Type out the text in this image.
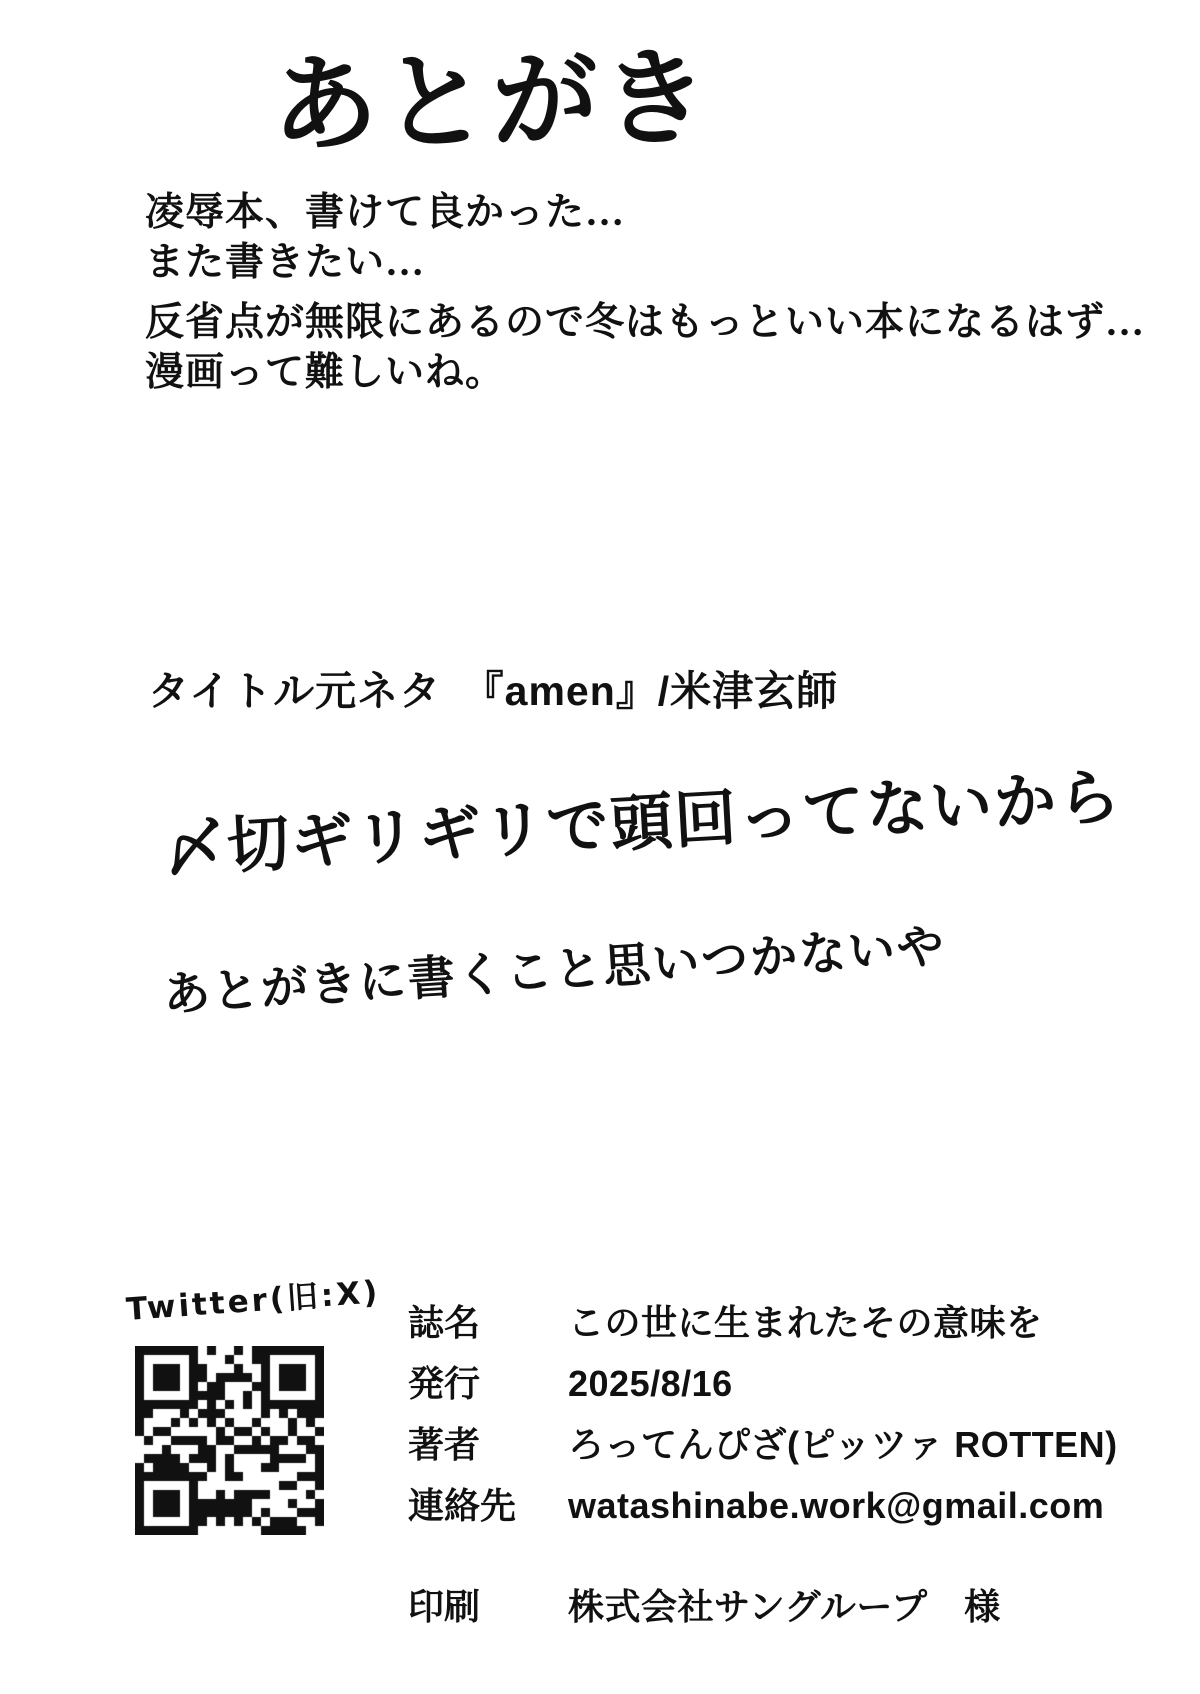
あとがき
凌辱本、書けて良かった…
また書きたい…
反省点が無限にあるので冬はもっといい本になるはず…
漫画って難しいね。
タイトル元ネタ　『amen』/米津玄師
〆切ギリギリで頭回ってないから
あとがきに書くこと思いつかないや
Twitter(旧:X) 誌名	この世に生まれたその意味を
発行	2025/8/16
著者	ろってんぴざ(ピッツァ ROTTEN)
連絡先	watashinabe.work@gmail.com
印刷	株式会社サングループ　様
